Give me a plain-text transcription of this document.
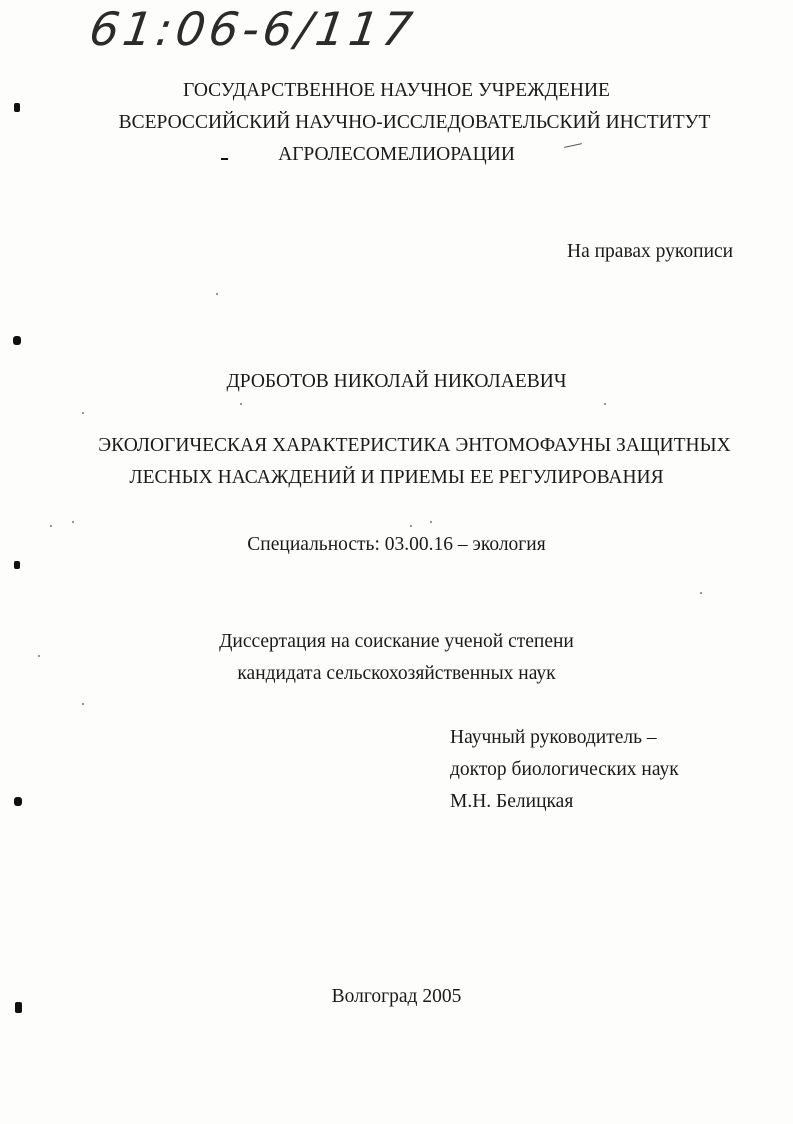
61:06-6/117
ГОСУДАРСТВЕННОЕ НАУЧНОЕ УЧРЕЖДЕНИЕ
ВСЕРОССИЙСКИЙ НАУЧНО-ИССЛЕДОВАТЕЛЬСКИЙ ИНСТИТУТ
АГРОЛЕСОМЕЛИОРАЦИИ
На правах рукописи
ДРОБОТОВ НИКОЛАЙ НИКОЛАЕВИЧ
ЭКОЛОГИЧЕСКАЯ ХАРАКТЕРИСТИКА ЭНТОМОФАУНЫ ЗАЩИТНЫХ
ЛЕСНЫХ НАСАЖДЕНИЙ И ПРИЕМЫ ЕЕ РЕГУЛИРОВАНИЯ
Специальность: 03.00.16 – экология
Диссертация на соискание ученой степени
кандидата сельскохозяйственных наук
Научный руководитель –
доктор биологических наук
М.Н. Белицкая
Волгоград 2005
